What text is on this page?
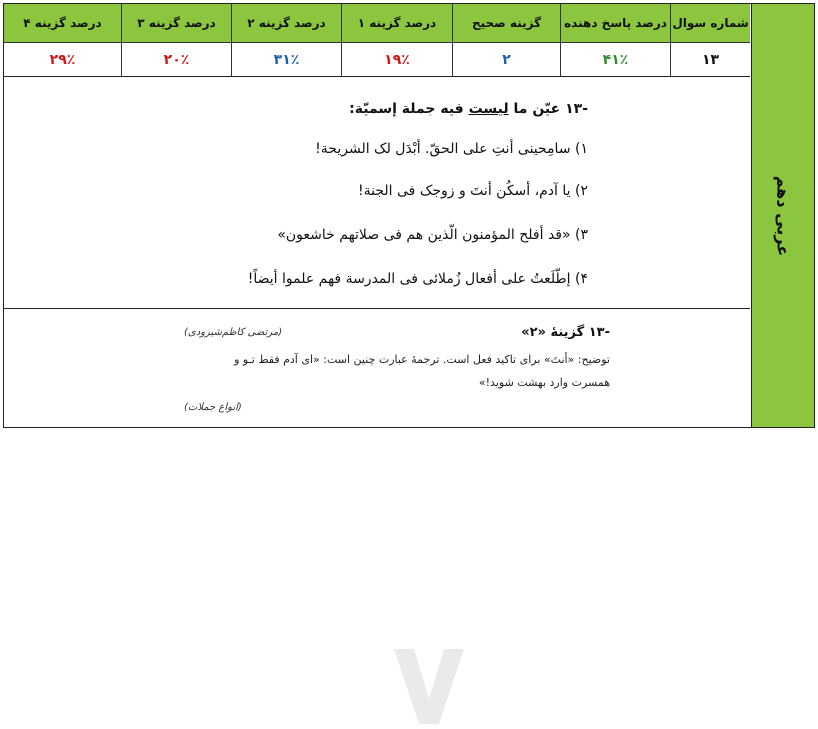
شماره سوال
۱۳
درصد پاسخ دهنده
۴۱٪
گزینه صحیح
۲
درصد گزینه ۱
۱۹٪
درصد گزینه ۲
۳۱٪
درصد گزینه ۳
۲۰٪
درصد گزینه ۴
۲۹٪
-۱۳ عیّن ما لیست فیه جملة إسمیّة:
۱) سامِحینی أنتِ علی الحقّ. أبْدَل لک الشریحة!
۲) یا آدم، أسکُن أنتَ و زوجک فی الجنة!
۳) «قد أفلح المؤمنون الّذین هم فی صلاتهم خاشعون»
۴) إطّلَعتُ علی أفعال زُملائی فی المدرسة فهم علموا أیضاً!
-۱۳ گزینهٔ «۲»
(مرتضی کاظم‌شیرودی)
توضیح: «أنتَ» برای تاکید فعل است. ترجمهٔ عبارت چنین است: «ای آدم فقط تـو و
همسرت وارد بهشت شوید!»
(انواع جملات)
عربی دهم
